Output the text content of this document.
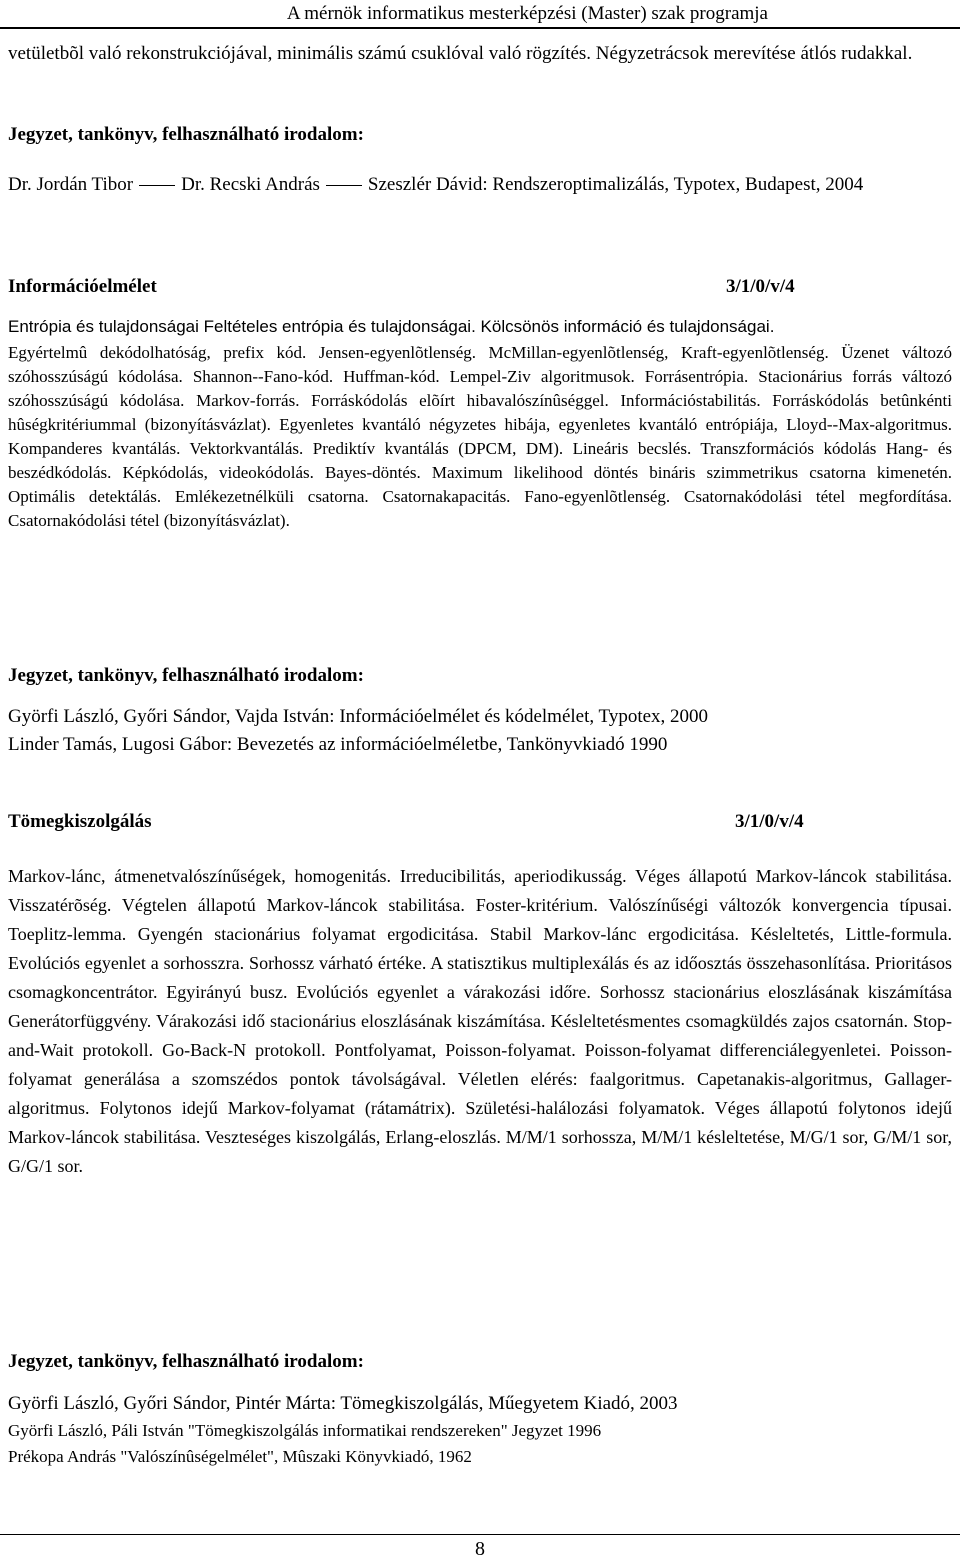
A mérnök informatikus mesterképzési (Master) szak programja
vetületbõl való rekonstrukciójával, minimális számú csuklóval való rögzítés. Négyzetrácsok merevítése átlós rudakkal.
Jegyzet, tankönyv, felhasználható irodalom:
Dr. Jordán Tibor	Dr. Recski András	Szeszlér Dávid: Rendszeroptimalizálás, Typotex, Budapest, 2004
Információelmélet	3/1/0/v/4
Entrópia és tulajdonságai Feltételes entrópia és tulajdonságai. Kölcsönös információ és tulajdonságai.
Egyértelmû dekódolhatóság, prefix kód. Jensen-egyenlõtlenség. McMillan-egyenlõtlenség, Kraft-egyenlõtlenség. Üzenet változó szóhosszúságú kódolása. Shannon--Fano-kód. Huffman-kód. Lempel-Ziv algoritmusok. Forrásentrópia. Stacionárius forrás változó szóhosszúságú kódolása. Markov-forrás. Forráskódolás elõírt hibavalószínûséggel. Információstabilitás. Forráskódolás betûnkénti hûségkritériummal (bizonyításvázlat). Egyenletes kvantáló négyzetes hibája, egyenletes kvantáló entrópiája, Lloyd--Max-algoritmus. Kompanderes kvantálás. Vektorkvantálás. Prediktív kvantálás (DPCM, DM). Lineáris becslés. Transzformációs kódolás Hang- és beszédkódolás. Képkódolás, videokódolás. Bayes-döntés. Maximum likelihood döntés bináris szimmetrikus csatorna kimenetén. Optimális detektálás. Emlékezetnélküli csatorna. Csatornakapacitás. Fano-egyenlõtlenség. Csatornakódolási tétel megfordítása. Csatornakódolási tétel (bizonyításvázlat).
Jegyzet, tankönyv, felhasználható irodalom:
Györfi László, Győri Sándor, Vajda István: Információelmélet és kódelmélet, Typotex, 2000
Linder Tamás, Lugosi Gábor: Bevezetés az információelméletbe, Tankönyvkiadó 1990
Tömegkiszolgálás	3/1/0/v/4
Markov-lánc, átmenetvalószínűségek, homogenitás. Irreducibilitás, aperiodikusság. Véges állapotú Markov-láncok stabilitása. Visszatérõség. Végtelen állapotú Markov-láncok stabilitása. Foster-kritérium. Valószínűségi változók konvergencia típusai. Toeplitz-lemma. Gyengén stacionárius folyamat ergodicitása. Stabil Markov-lánc ergodicitása. Késleltetés, Little-formula. Evolúciós egyenlet a sorhosszra. Sorhossz várható értéke. A statisztikus multiplexálás és az időosztás összehasonlítása. Prioritásos csomagkoncentrátor. Egyirányú busz. Evolúciós egyenlet a várakozási időre. Sorhossz stacionárius eloszlásának kiszámítása Generátorfüggvény. Várakozási idő stacionárius eloszlásának kiszámítása. Késleltetésmentes csomagküldés zajos csatornán. Stop-and-Wait protokoll. Go-Back-N protokoll. Pontfolyamat, Poisson-folyamat. Poisson-folyamat differenciálegyenletei. Poisson-folyamat generálása a szomszédos pontok távolságával. Véletlen elérés: faalgoritmus. Capetanakis-algoritmus, Gallager-algoritmus. Folytonos idejű Markov-folyamat (rátamátrix). Születési-halálozási folyamatok. Véges állapotú folytonos idejű Markov-láncok stabilitása. Veszteséges kiszolgálás, Erlang-eloszlás. M/M/1 sorhossza, M/M/1 késleltetése, M/G/1 sor, G/M/1 sor, G/G/1 sor.
Jegyzet, tankönyv, felhasználható irodalom:
Györfi László, Győri Sándor, Pintér Márta: Tömegkiszolgálás, Műegyetem Kiadó, 2003
Györfi László, Páli István "Tömegkiszolgálás informatikai rendszereken" Jegyzet 1996
Prékopa András "Valószínûségelmélet", Mûszaki Könyvkiadó, 1962
8
